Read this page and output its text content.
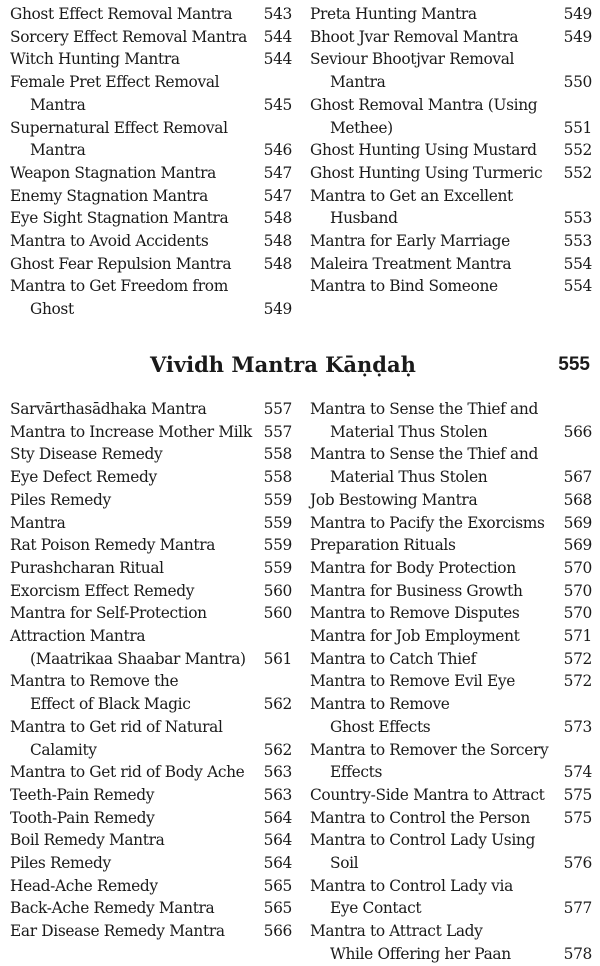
Ghost Effect Removal Mantra	543
Sorcery Effect Removal Mantra	544
Witch Hunting Mantra	544
Female Pret Effect Removal
Mantra	545
Supernatural Effect Removal
Mantra	546
Weapon Stagnation Mantra	547
Enemy Stagnation Mantra	547
Eye Sight Stagnation Mantra	548
Mantra to Avoid Accidents	548
Ghost Fear Repulsion Mantra	548
Mantra to Get Freedom from
Ghost	549
Preta Hunting Mantra	549
Bhoot Jvar Removal Mantra	549
Seviour Bhootjvar Removal
Mantra	550
Ghost Removal Mantra (Using
Methee)	551
Ghost Hunting Using Mustard	552
Ghost Hunting Using Turmeric	552
Mantra to Get an Excellent
Husband	553
Mantra for Early Marriage	553
Maleira Treatment Mantra	554
Mantra to Bind Someone	554
Vividh Mantra Kāṇḍaḥ	555
Sarvārthasādhaka Mantra	557
Mantra to Increase Mother Milk 557
Sty Disease Remedy	558
Eye Defect Remedy	558
Piles Remedy	559
Mantra	559
Rat Poison Remedy Mantra	559
Purashcharan Ritual	559
Exorcism Effect Remedy	560
Mantra for Self-Protection	560
Attraction Mantra
(Maatrikaa Shaabar Mantra)	561
Mantra to Remove the
Effect of Black Magic	562
Mantra to Get rid of Natural
Calamity	562
Mantra to Get rid of Body Ache	563
Teeth-Pain Remedy	563
Tooth-Pain Remedy	564
Boil Remedy Mantra	564
Piles Remedy	564
Head-Ache Remedy	565
Back-Ache Remedy Mantra	565
Ear Disease Remedy Mantra	566
Mantra to Sense the Thief and
Material Thus Stolen	566
Mantra to Sense the Thief and
Material Thus Stolen	567
Job Bestowing Mantra	568
Mantra to Pacify the Exorcisms	569
Preparation Rituals	569
Mantra for Body Protection	570
Mantra for Business Growth	570
Mantra to Remove Disputes	570
Mantra for Job Employment	571
Mantra to Catch Thief	572
Mantra to Remove Evil Eye	572
Mantra to Remove
Ghost Effects	573
Mantra to Remover the Sorcery
Effects	574
Country-Side Mantra to Attract	575
Mantra to Control the Person	575
Mantra to Control Lady Using
Soil	576
Mantra to Control Lady via
Eye Contact	577
Mantra to Attract Lady
While Offering her Paan	578
